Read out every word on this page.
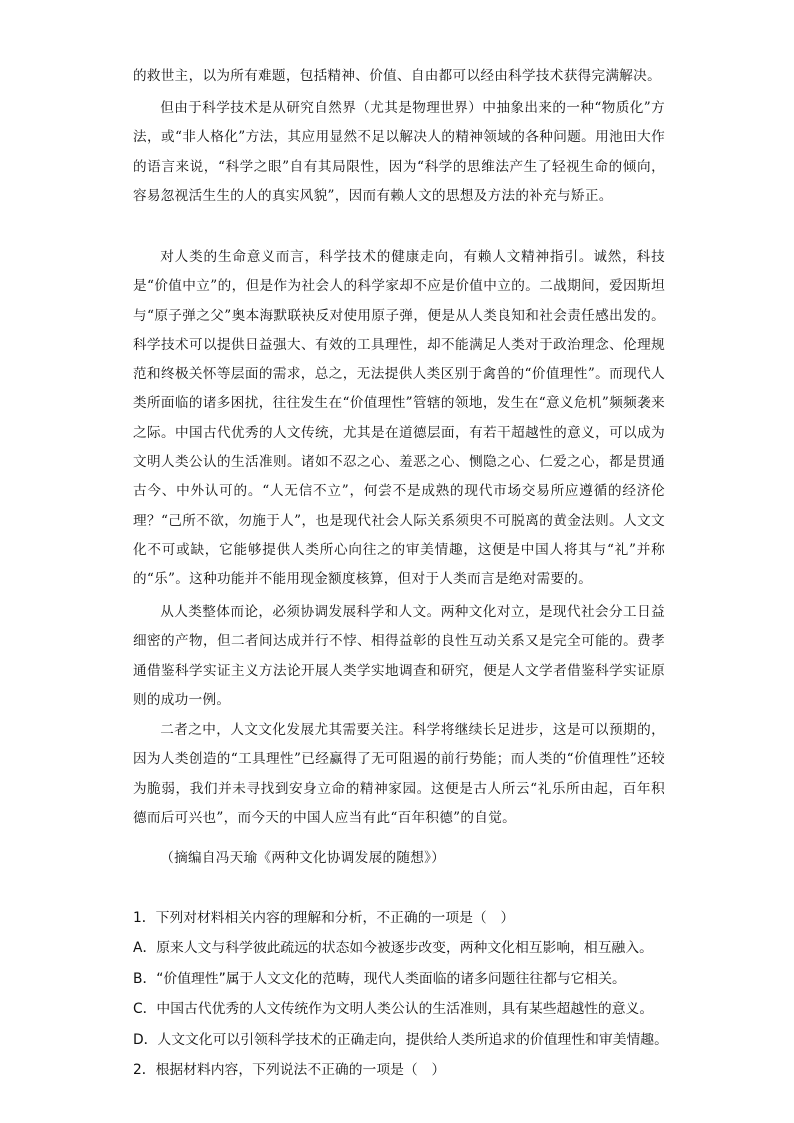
的救世主，以为所有难题，包括精神、价值、自由都可以经由科学技术获得完满解决。

但由于科学技术是从研究自然界（尤其是物理世界）中抽象出来的一种“物质化”方法，或“非人格化”方法，其应用显然不足以解决人的精神领域的各种问题。用池田大作的语言来说，“科学之眼”自有其局限性，因为“科学的思维法产生了轻视生命的倾向，容易忽视活生生的人的真实风貌”，因而有赖人文的思想及方法的补充与矫正。

对人类的生命意义而言，科学技术的健康走向，有赖人文精神指引。诚然，科技是“价值中立”的，但是作为社会人的科学家却不应是价值中立的。二战期间，爱因斯坦与“原子弹之父”奥本海默联袂反对使用原子弹，便是从人类良知和社会责任感出发的。科学技术可以提供日益强大、有效的工具理性，却不能满足人类对于政治理念、伦理规范和终极关怀等层面的需求，总之，无法提供人类区别于禽兽的“价值理性”。而现代人类所面临的诸多困扰，往往发生在“价值理性”管辖的领地，发生在“意义危机”频频袭来之际。中国古代优秀的人文传统，尤其是在道德层面，有若干超越性的意义，可以成为文明人类公认的生活准则。诸如不忍之心、羞恶之心、恻隐之心、仁爱之心，都是贯通古今、中外认可的。“人无信不立”，何尝不是成熟的现代市场交易所应遵循的经济伦理？“己所不欲，勿施于人”，也是现代社会人际关系须臾不可脱离的黄金法则。人文文化不可或缺，它能够提供人类所心向往之的审美情趣，这便是中国人将其与“礼”并称的“乐”。这种功能并不能用现金额度核算，但对于人类而言是绝对需要的。

从人类整体而论，必须协调发展科学和人文。两种文化对立，是现代社会分工日益细密的产物，但二者间达成并行不悖、相得益彰的良性互动关系又是完全可能的。费孝通借鉴科学实证主义方法论开展人类学实地调查和研究，便是人文学者借鉴科学实证原则的成功一例。

二者之中，人文文化发展尤其需要关注。科学将继续长足进步，这是可以预期的，因为人类创造的“工具理性”已经赢得了无可阻遏的前行势能；而人类的“价值理性”还较为脆弱，我们并未寻找到安身立命的精神家园。这便是古人所云“礼乐所由起，百年积德而后可兴也”，而今天的中国人应当有此“百年积德”的自觉。

（摘编自冯天瑜《两种文化协调发展的随想》）

1．下列对材料相关内容的理解和分析，不正确的一项是（　）

A．原来人文与科学彼此疏远的状态如今被逐步改变，两种文化相互影响，相互融入。

B．“价值理性”属于人文文化的范畴，现代人类面临的诸多问题往往都与它相关。

C．中国古代优秀的人文传统作为文明人类公认的生活准则，具有某些超越性的意义。

D．人文文化可以引领科学技术的正确走向，提供给人类所追求的价值理性和审美情趣。

2．根据材料内容，下列说法不正确的一项是（　）
